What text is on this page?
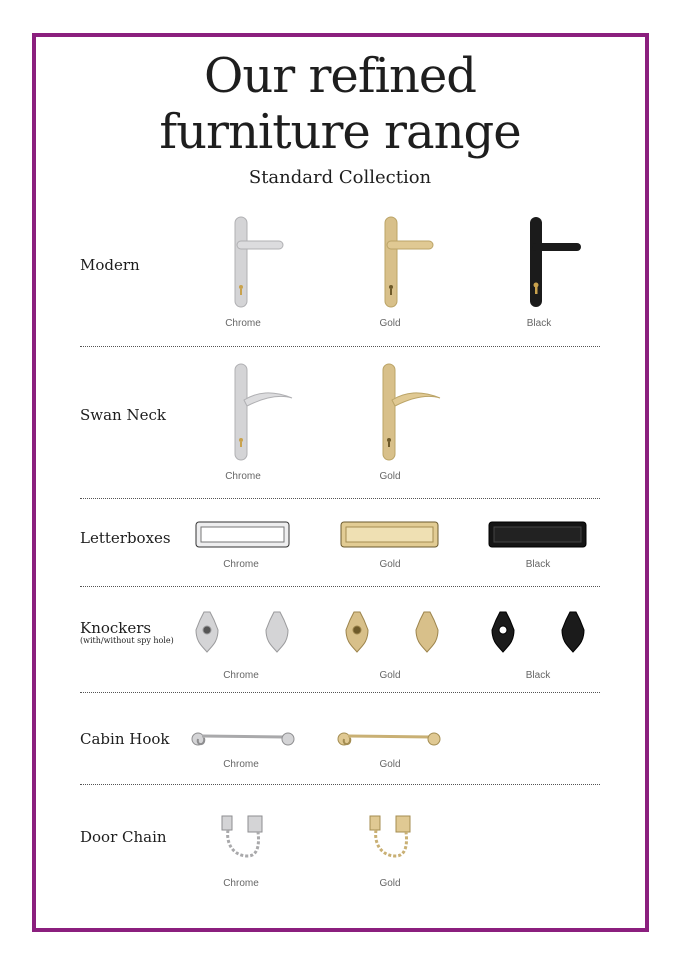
Our refined
furniture range
Standard Collection
Modern
Chrome	Gold	Black
Swan Neck
Chrome	Gold
Letterboxes
Chrome	Gold	Black
Knockers
(with/without spy hole)
Chrome	Gold	Black
Cabin Hook
Chrome	Gold
Door Chain
Chrome	Gold
